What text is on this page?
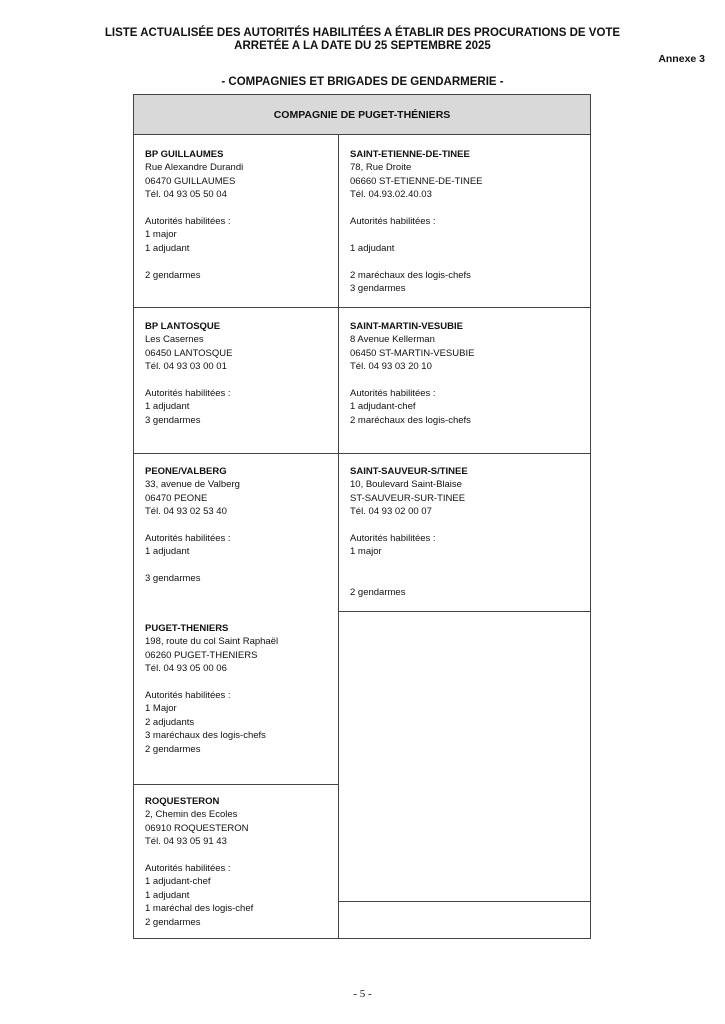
LISTE ACTUALISÉE DES AUTORITÉS HABILITÉES A ÉTABLIR DES PROCURATIONS DE VOTE
ARRETÉE A LA DATE DU 25 SEPTEMBRE 2025
Annexe 3
- COMPAGNIES ET BRIGADES DE GENDARMERIE -
COMPAGNIE DE PUGET-THÉNIERS
BP GUILLAUMES
Rue Alexandre Durandi
06470 GUILLAUMES
Tél. 04 93 05 50 04
Autorités habilitées :
1 major
1 adjudant
2 gendarmes
SAINT-ETIENNE-DE-TINEE
78, Rue Droite
06660 ST-ETIENNE-DE-TINEE
Tél. 04.93.02.40.03
Autorités habilitées :
1 adjudant
2 maréchaux des logis-chefs
3 gendarmes
BP LANTOSQUE
Les Casernes
06450 LANTOSQUE
Tél. 04 93 03 00 01
Autorités habilitées :
1 adjudant
3 gendarmes
SAINT-MARTIN-VESUBIE
8 Avenue Kellerman
06450 ST-MARTIN-VESUBIE
Tél. 04 93 03 20 10
Autorités habilitées :
1 adjudant-chef
2 maréchaux des logis-chefs
PEONE/VALBERG
33, avenue de Valberg
06470 PEONE
Tél. 04 93 02 53 40
Autorités habilitées :
1 adjudant
3 gendarmes
SAINT-SAUVEUR-S/TINEE
10, Boulevard Saint-Blaise
ST-SAUVEUR-SUR-TINEE
Tél. 04 93 02 00 07
Autorités habilitées :
1 major
2 gendarmes
PUGET-THENIERS
198, route du col Saint Raphaël
06260 PUGET-THENIERS
Tél. 04 93 05 00 06
Autorités habilitées :
1 Major
2 adjudants
3 maréchaux des logis-chefs
2 gendarmes
ROQUESTERON
2, Chemin des Ecoles
06910 ROQUESTERON
Tél. 04 93 05 91 43
Autorités habilitées :
1 adjudant-chef
1 adjudant
1 maréchal des logis-chef
2 gendarmes
- 5 -
